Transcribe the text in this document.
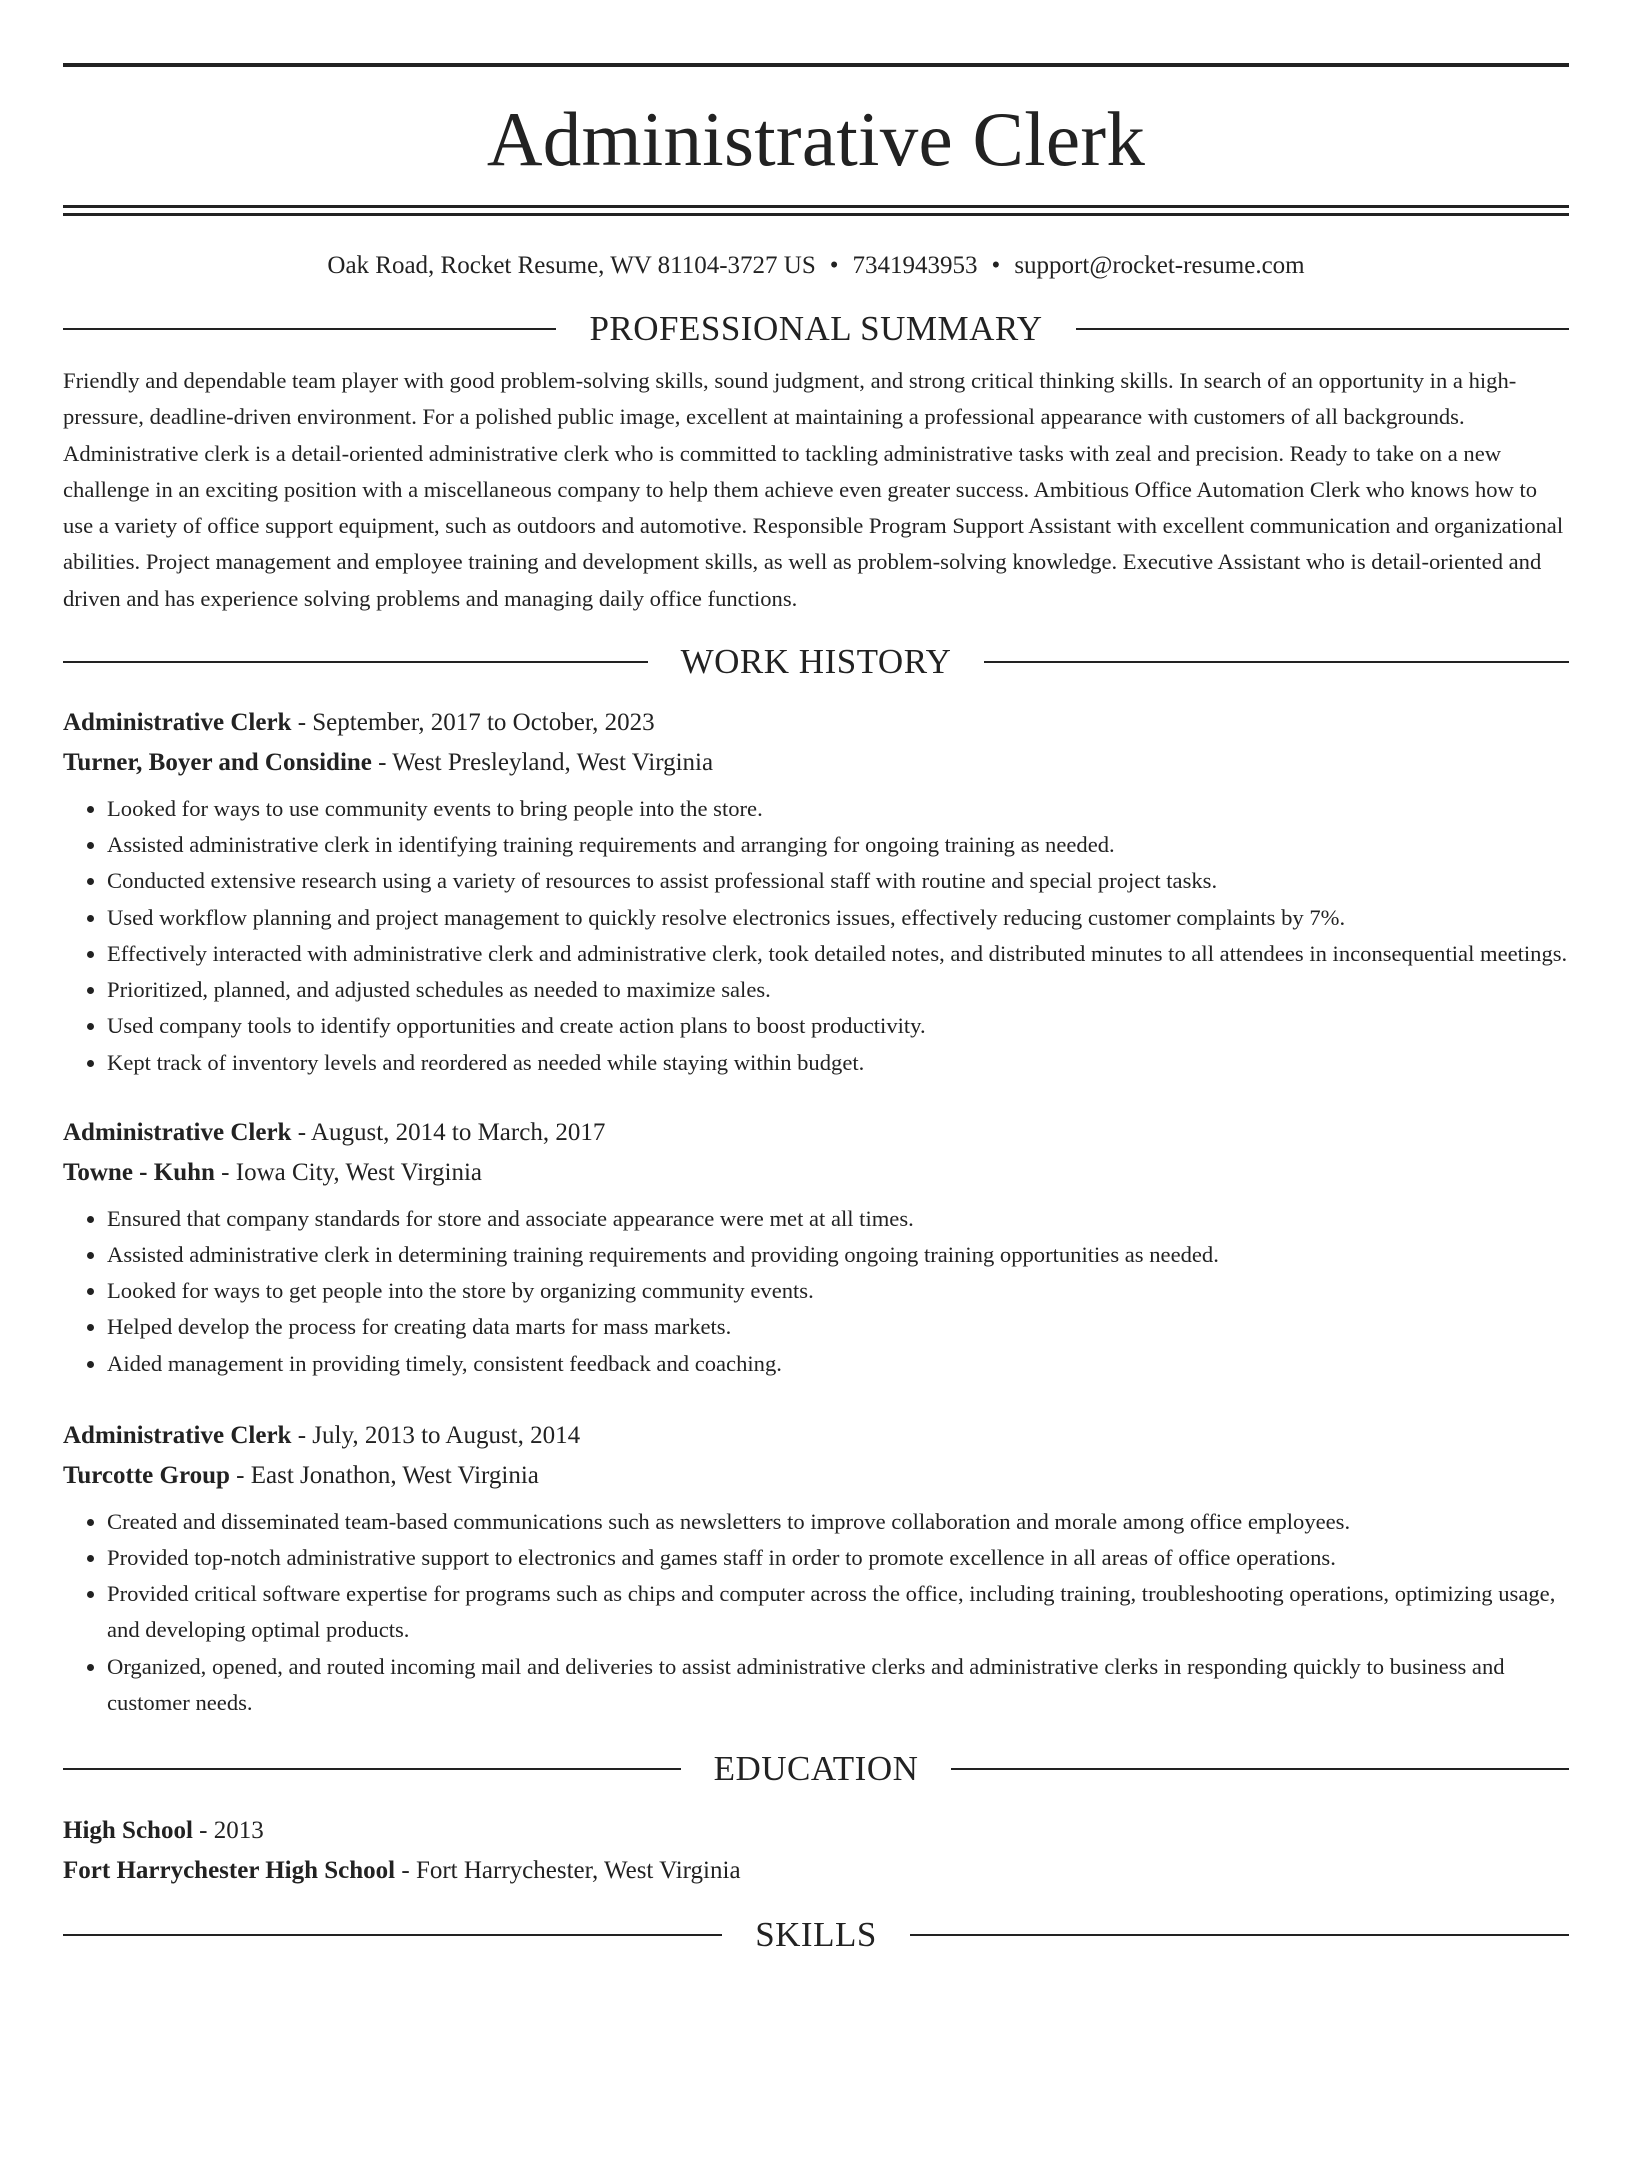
Administrative Clerk
Oak Road, Rocket Resume, WV 81104-3727 US • 7341943953 • support@rocket-resume.com
PROFESSIONAL SUMMARY
Friendly and dependable team player with good problem-solving skills, sound judgment, and strong critical thinking skills. In search of an opportunity in a high-pressure, deadline-driven environment. For a polished public image, excellent at maintaining a professional appearance with customers of all backgrounds. Administrative clerk is a detail-oriented administrative clerk who is committed to tackling administrative tasks with zeal and precision. Ready to take on a new challenge in an exciting position with a miscellaneous company to help them achieve even greater success. Ambitious Office Automation Clerk who knows how to use a variety of office support equipment, such as outdoors and automotive. Responsible Program Support Assistant with excellent communication and organizational abilities. Project management and employee training and development skills, as well as problem-solving knowledge. Executive Assistant who is detail-oriented and driven and has experience solving problems and managing daily office functions.
WORK HISTORY
Administrative Clerk - September, 2017 to October, 2023
Turner, Boyer and Considine - West Presleyland, West Virginia
• Looked for ways to use community events to bring people into the store.
• Assisted administrative clerk in identifying training requirements and arranging for ongoing training as needed.
• Conducted extensive research using a variety of resources to assist professional staff with routine and special project tasks.
• Used workflow planning and project management to quickly resolve electronics issues, effectively reducing customer complaints by 7%.
• Effectively interacted with administrative clerk and administrative clerk, took detailed notes, and distributed minutes to all attendees in inconsequential meetings.
• Prioritized, planned, and adjusted schedules as needed to maximize sales.
• Used company tools to identify opportunities and create action plans to boost productivity.
• Kept track of inventory levels and reordered as needed while staying within budget.
Administrative Clerk - August, 2014 to March, 2017
Towne - Kuhn - Iowa City, West Virginia
• Ensured that company standards for store and associate appearance were met at all times.
• Assisted administrative clerk in determining training requirements and providing ongoing training opportunities as needed.
• Looked for ways to get people into the store by organizing community events.
• Helped develop the process for creating data marts for mass markets.
• Aided management in providing timely, consistent feedback and coaching.
Administrative Clerk - July, 2013 to August, 2014
Turcotte Group - East Jonathon, West Virginia
• Created and disseminated team-based communications such as newsletters to improve collaboration and morale among office employees.
• Provided top-notch administrative support to electronics and games staff in order to promote excellence in all areas of office operations.
• Provided critical software expertise for programs such as chips and computer across the office, including training, troubleshooting operations, optimizing usage, and developing optimal products.
• Organized, opened, and routed incoming mail and deliveries to assist administrative clerks and administrative clerks in responding quickly to business and customer needs.
EDUCATION
High School - 2013
Fort Harrychester High School - Fort Harrychester, West Virginia
SKILLS
